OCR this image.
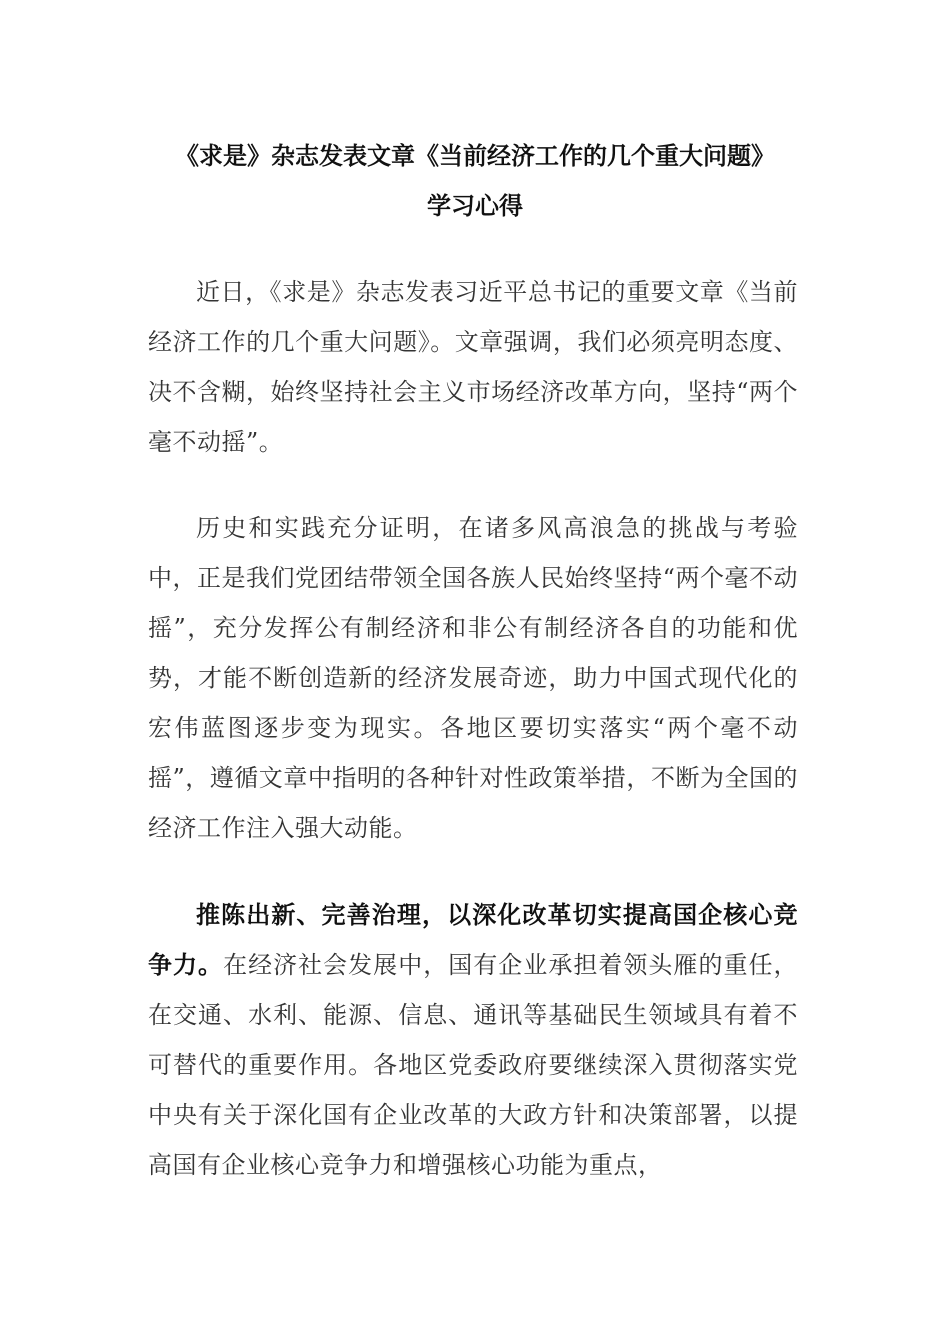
《求是》杂志发表文章《当前经济工作的几个重大问题》
学习心得

近日，《求是》杂志发表习近平总书记的重要文章《当前经济工作的几个重大问题》。文章强调，我们必须亮明态度、决不含糊，始终坚持社会主义市场经济改革方向，坚持“两个毫不动摇”。

历史和实践充分证明，在诸多风高浪急的挑战与考验中，正是我们党团结带领全国各族人民始终坚持“两个毫不动摇”，充分发挥公有制经济和非公有制经济各自的功能和优势，才能不断创造新的经济发展奇迹，助力中国式现代化的宏伟蓝图逐步变为现实。各地区要切实落实“两个毫不动摇”，遵循文章中指明的各种针对性政策举措，不断为全国的经济工作注入强大动能。

推陈出新、完善治理，以深化改革切实提高国企核心竞争力。在经济社会发展中，国有企业承担着领头雁的重任，在交通、水利、能源、信息、通讯等基础民生领域具有着不可替代的重要作用。各地区党委政府要继续深入贯彻落实党中央有关于深化国有企业改革的大政方针和决策部署，以提高国有企业核心竞争力和增强核心功能为重点，
